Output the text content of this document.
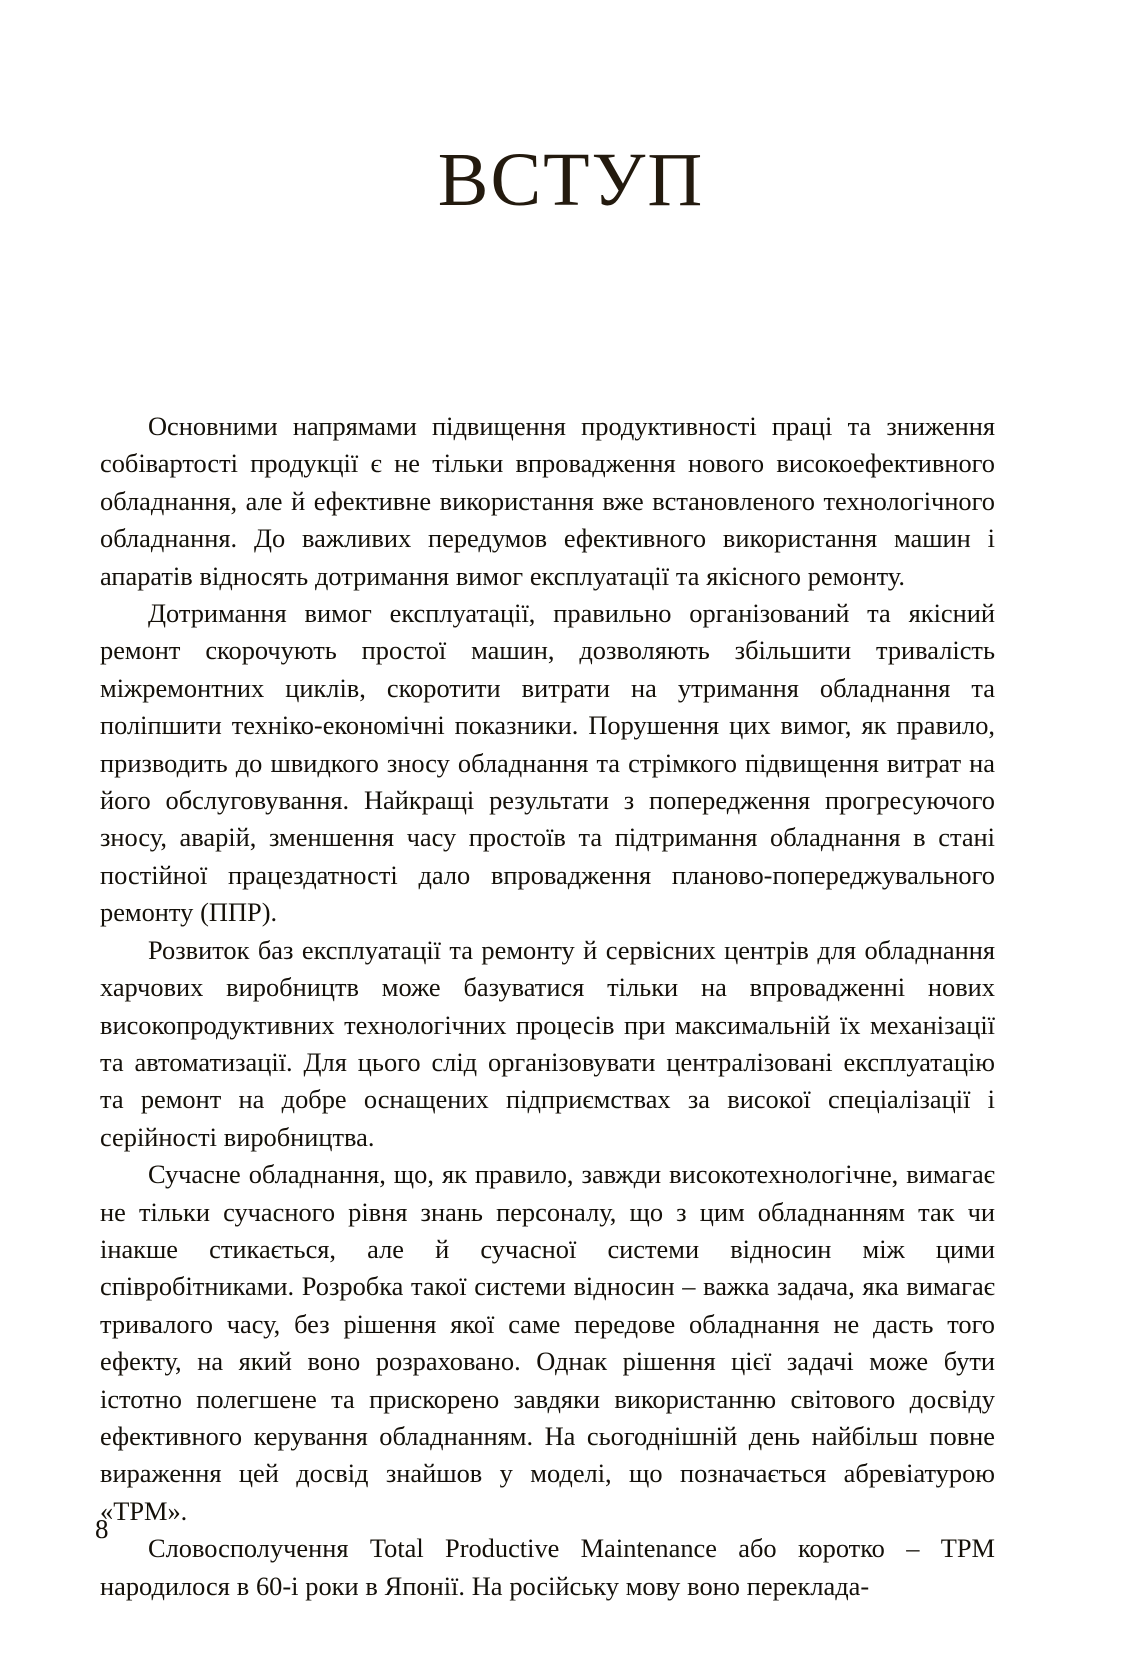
ВСТУП

Основними напрямами підвищення продуктивності праці та зниження собівартості продукції є не тільки впровадження нового високоефективного обладнання, але й ефективне використання вже встановленого технологічного обладнання. До важливих передумов ефективного використання машин і апаратів відносять дотримання вимог експлуатації та якісного ремонту.

Дотримання вимог експлуатації, правильно організований та якісний ремонт скорочують простої машин, дозволяють збільшити тривалість міжремонтних циклів, скоротити витрати на утримання обладнання та поліпшити техніко-економічні показники. Порушення цих вимог, як правило, призводить до швидкого зносу обладнання та стрімкого підвищення витрат на його обслуговування. Найкращі результати з попередження прогресуючого зносу, аварій, зменшення часу простоїв та підтримання обладнання в стані постійної працездатності дало впровадження планово-попереджувального ремонту (ППР).

Розвиток баз експлуатації та ремонту й сервісних центрів для обладнання харчових виробництв може базуватися тільки на впровадженні нових високопродуктивних технологічних процесів при максимальній їх механізації та автоматизації. Для цього слід організовувати централізовані експлуатацію та ремонт на добре оснащених підприємствах за високої спеціалізації і серійності виробництва.

Сучасне обладнання, що, як правило, завжди високотехнологічне, вимагає не тільки сучасного рівня знань персоналу, що з цим обладнанням так чи інакше стикається, але й сучасної системи відносин між цими співробітниками. Розробка такої системи відносин – важка задача, яка вимагає тривалого часу, без рішення якої саме передове обладнання не дасть того ефекту, на який воно розраховано. Однак рішення цієї задачі може бути істотно полегшене та прискорено завдяки використанню світового досвіду ефективного керування обладнанням. На сьогоднішній день найбільш повне вираження цей досвід знайшов у моделі, що позначається абревіатурою «ТРМ».

Словосполучення Total Productive Maintenance або коротко – ТРМ народилося в 60-і роки в Японії. На російську мову воно переклада-

8
